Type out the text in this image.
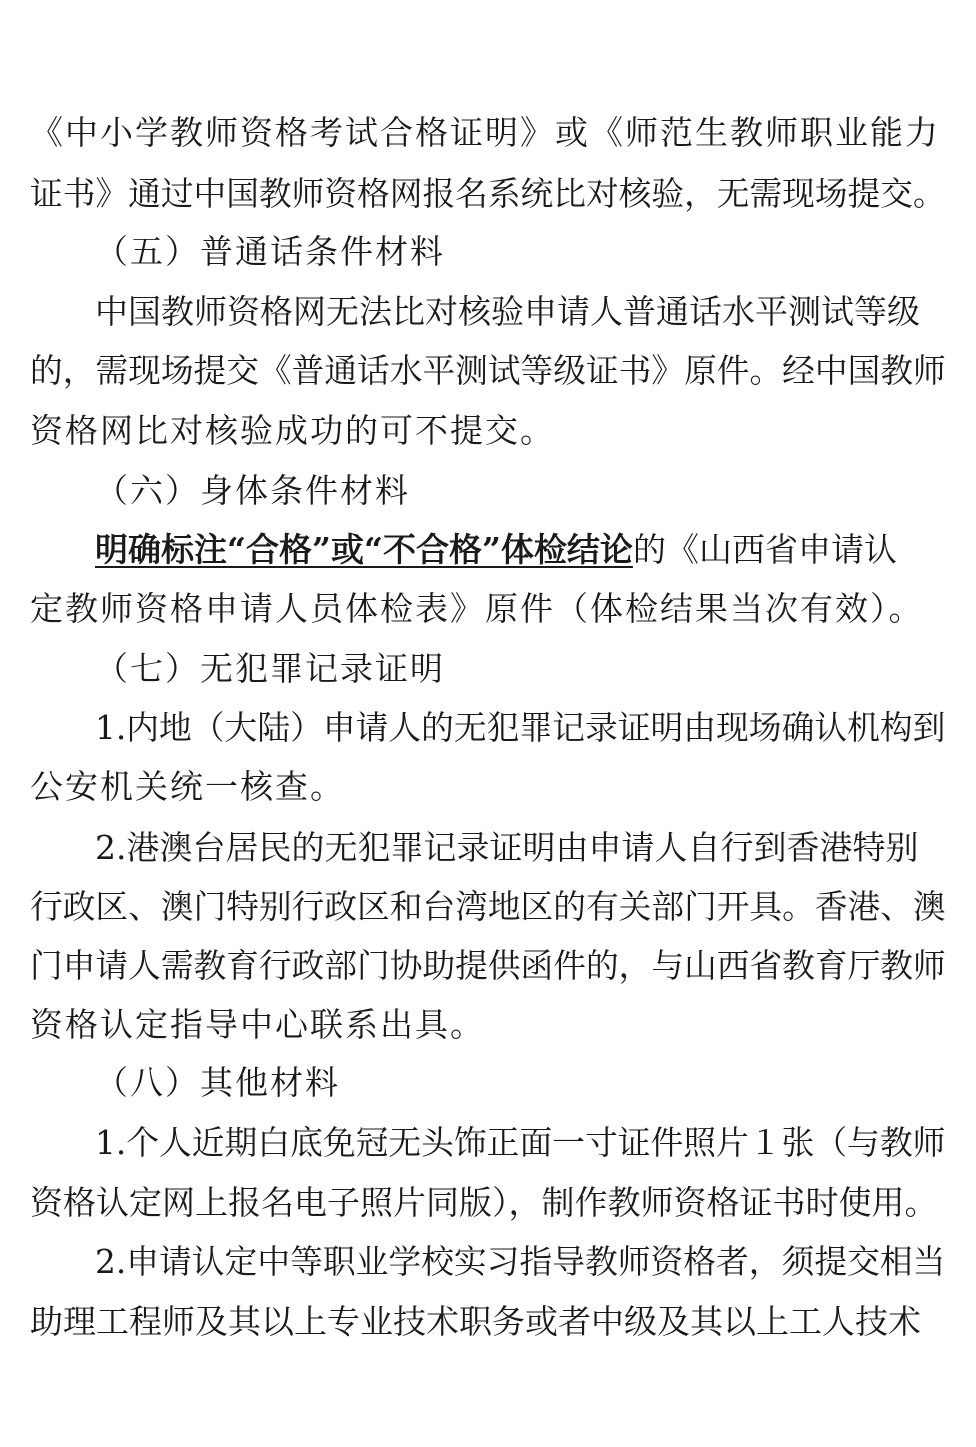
《中小学教师资格考试合格证明》或《师范生教师职业能力

证书》通过中国教师资格网报名系统比对核验，无需现场提交。

（五）普通话条件材料

中国教师资格网无法比对核验申请人普通话水平测试等级

的，需现场提交《普通话水平测试等级证书》原件。经中国教师

资格网比对核验成功的可不提交。

（六）身体条件材料

明确标注“合格”或“不合格”体检结论的《山西省申请认

定教师资格申请人员体检表》原件（体检结果当次有效）。

（七）无犯罪记录证明

1.内地（大陆）申请人的无犯罪记录证明由现场确认机构到

公安机关统一核查。

2.港澳台居民的无犯罪记录证明由申请人自行到香港特别

行政区、澳门特别行政区和台湾地区的有关部门开具。香港、澳

门申请人需教育行政部门协助提供函件的，与山西省教育厅教师

资格认定指导中心联系出具。

（八）其他材料

1.个人近期白底免冠无头饰正面一寸证件照片１张（与教师

资格认定网上报名电子照片同版），制作教师资格证书时使用。

2.申请认定中等职业学校实习指导教师资格者，须提交相当

助理工程师及其以上专业技术职务或者中级及其以上工人技术
